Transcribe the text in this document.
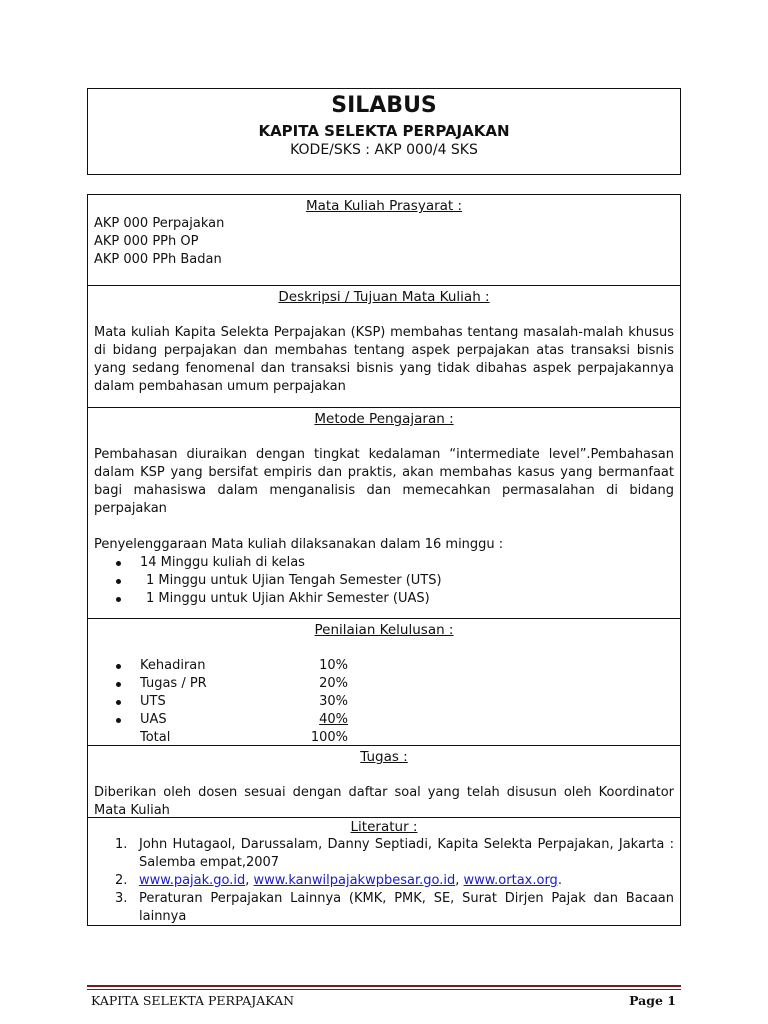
SILABUS
KAPITA SELEKTA PERPAJAKAN
KODE/SKS : AKP 000/4 SKS
Mata Kuliah Prasyarat :
AKP 000 Perpajakan
AKP 000 PPh OP
AKP 000 PPh Badan
Deskripsi / Tujuan Mata Kuliah :

Mata kuliah Kapita Selekta Perpajakan (KSP) membahas tentang masalah-malah khusus di bidang perpajakan dan membahas tentang aspek perpajakan atas transaksi bisnis yang sedang fenomenal dan transaksi bisnis yang tidak dibahas aspek perpajakannya dalam pembahasan umum perpajakan

Metode Pengajaran :

Pembahasan diuraikan dengan tingkat kedalaman “intermediate level”.Pembahasan dalam KSP yang bersifat empiris dan praktis, akan membahas kasus yang bermanfaat bagi mahasiswa dalam menganalisis dan memecahkan permasalahan di bidang perpajakan

Penyelenggaraan Mata kuliah dilaksanakan dalam 16 minggu :
14 Minggu kuliah di kelas
1 Minggu untuk Ujian Tengah Semester (UTS)
1 Minggu untuk Ujian Akhir Semester (UAS)
Penilaian Kelulusan :
Kehadiran	10%
Tugas / PR	20%
UTS	30%
UAS	40%
Total	100%
Tugas :

Diberikan oleh dosen sesuai dengan daftar soal yang telah disusun oleh Koordinator Mata Kuliah

Literatur :
1. John Hutagaol, Darussalam, Danny Septiadi, Kapita Selekta Perpajakan, Jakarta : Salemba empat,2007
2. www.pajak.go.id, www.kanwilpajakwpbesar.go.id, www.ortax.org.
3. Peraturan Perpajakan Lainnya (KMK, PMK, SE, Surat Dirjen Pajak dan Bacaan lainnya
KAPITA SELEKTA PERPAJAKAN	Page 1
